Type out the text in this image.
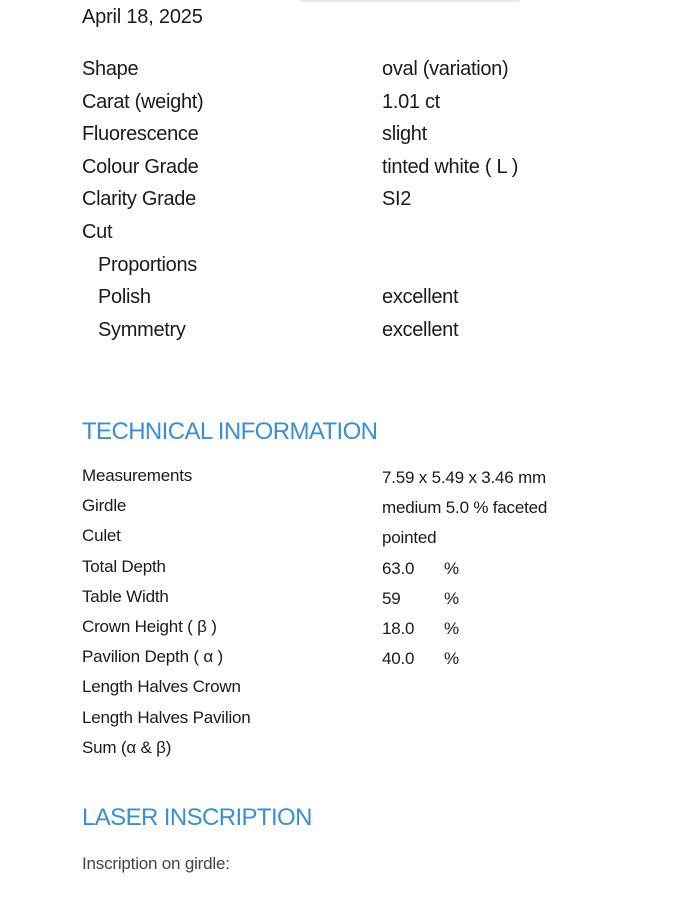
April 18, 2025
Shape	oval (variation)
Carat (weight)	1.01 ct
Fluorescence	slight
Colour Grade	tinted white ( L )
Clarity Grade	SI2
Cut
Proportions
Polish	excellent
Symmetry	excellent
TECHNICAL INFORMATION
Measurements	7.59 x 5.49 x 3.46 mm
Girdle	medium 5.0 % faceted
Culet	pointed
Total Depth	63.0 %
Table Width	59	%
Crown Height ( β )	18.0 %
Pavilion Depth ( α )	40.0 %
Length Halves Crown
Length Halves Pavilion
Sum (α & β)
LASER INSCRIPTION
Inscription on girdle:
